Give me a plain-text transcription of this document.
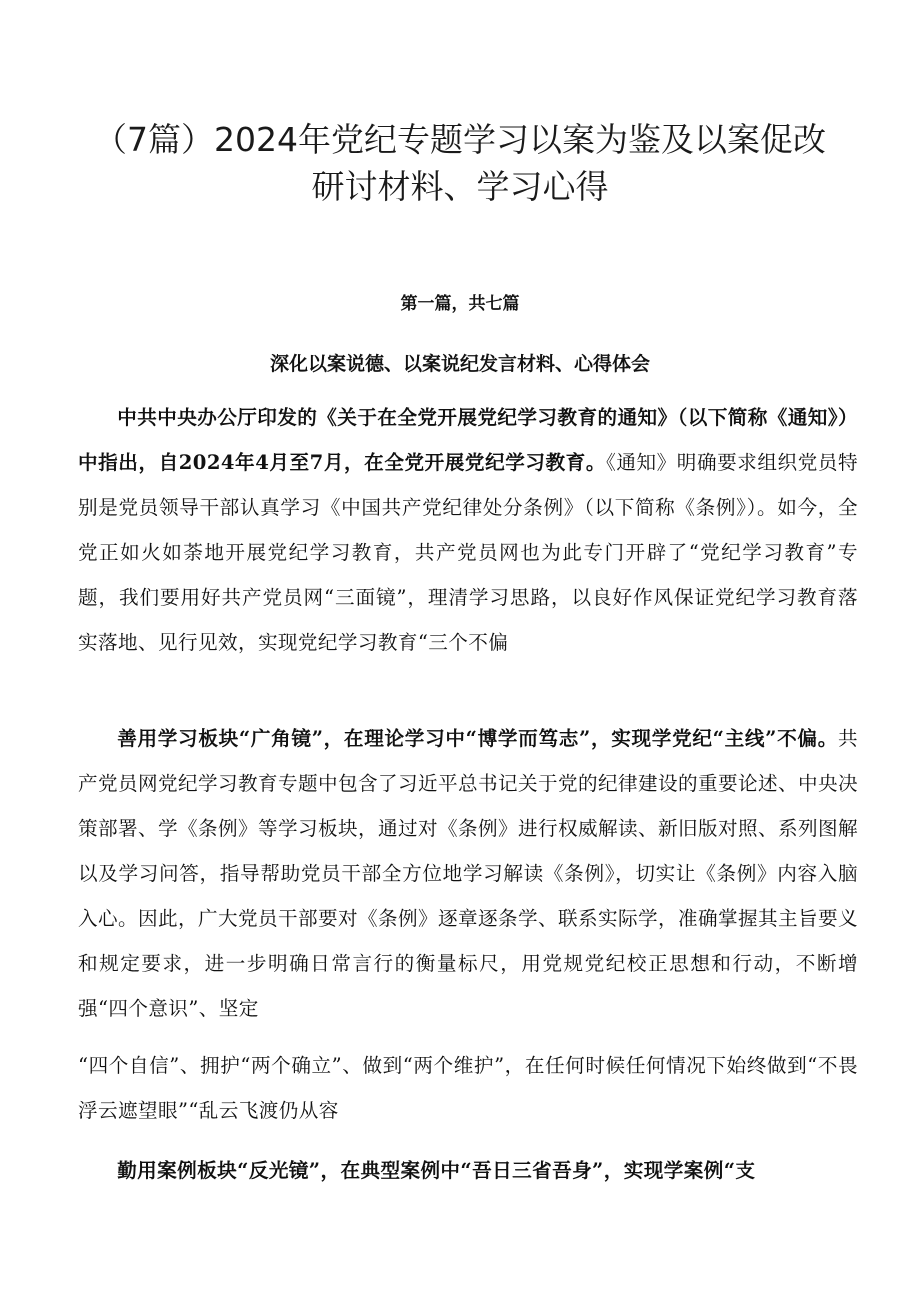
（7篇）2024年党纪专题学习以案为鉴及以案促改
研讨材料、学习心得
第一篇，共七篇
深化以案说德、以案说纪发言材料、心得体会

中共中央办公厅印发的《关于在全党开展党纪学习教育的通知》（以下简称《通知》）中指出，自2024年4月至7月，在全党开展党纪学习教育。《通知》明确要求组织党员特别是党员领导干部认真学习《中国共产党纪律处分条例》（以下简称《条例》）。如今，全党正如火如荼地开展党纪学习教育，共产党员网也为此专门开辟了“党纪学习教育”专题，我们要用好共产党员网“三面镜”，理清学习思路，以良好作风保证党纪学习教育落实落地、见行见效，实现党纪学习教育“三个不偏

善用学习板块“广角镜”，在理论学习中“博学而笃志”，实现学党纪“主线”不偏。共产党员网党纪学习教育专题中包含了习近平总书记关于党的纪律建设的重要论述、中央决策部署、学《条例》等学习板块，通过对《条例》进行权威解读、新旧版对照、系列图解以及学习问答，指导帮助党员干部全方位地学习解读《条例》，切实让《条例》内容入脑入心。因此，广大党员干部要对《条例》逐章逐条学、联系实际学，准确掌握其主旨要义和规定要求，进一步明确日常言行的衡量标尺，用党规党纪校正思想和行动，不断增强“四个意识”、坚定

“四个自信”、拥护“两个确立”、做到“两个维护”，在任何时候任何情况下始终做到“不畏浮云遮望眼”“乱云飞渡仍从容

勤用案例板块“反光镜”，在典型案例中“吾日三省吾身”，实现学案例“支
